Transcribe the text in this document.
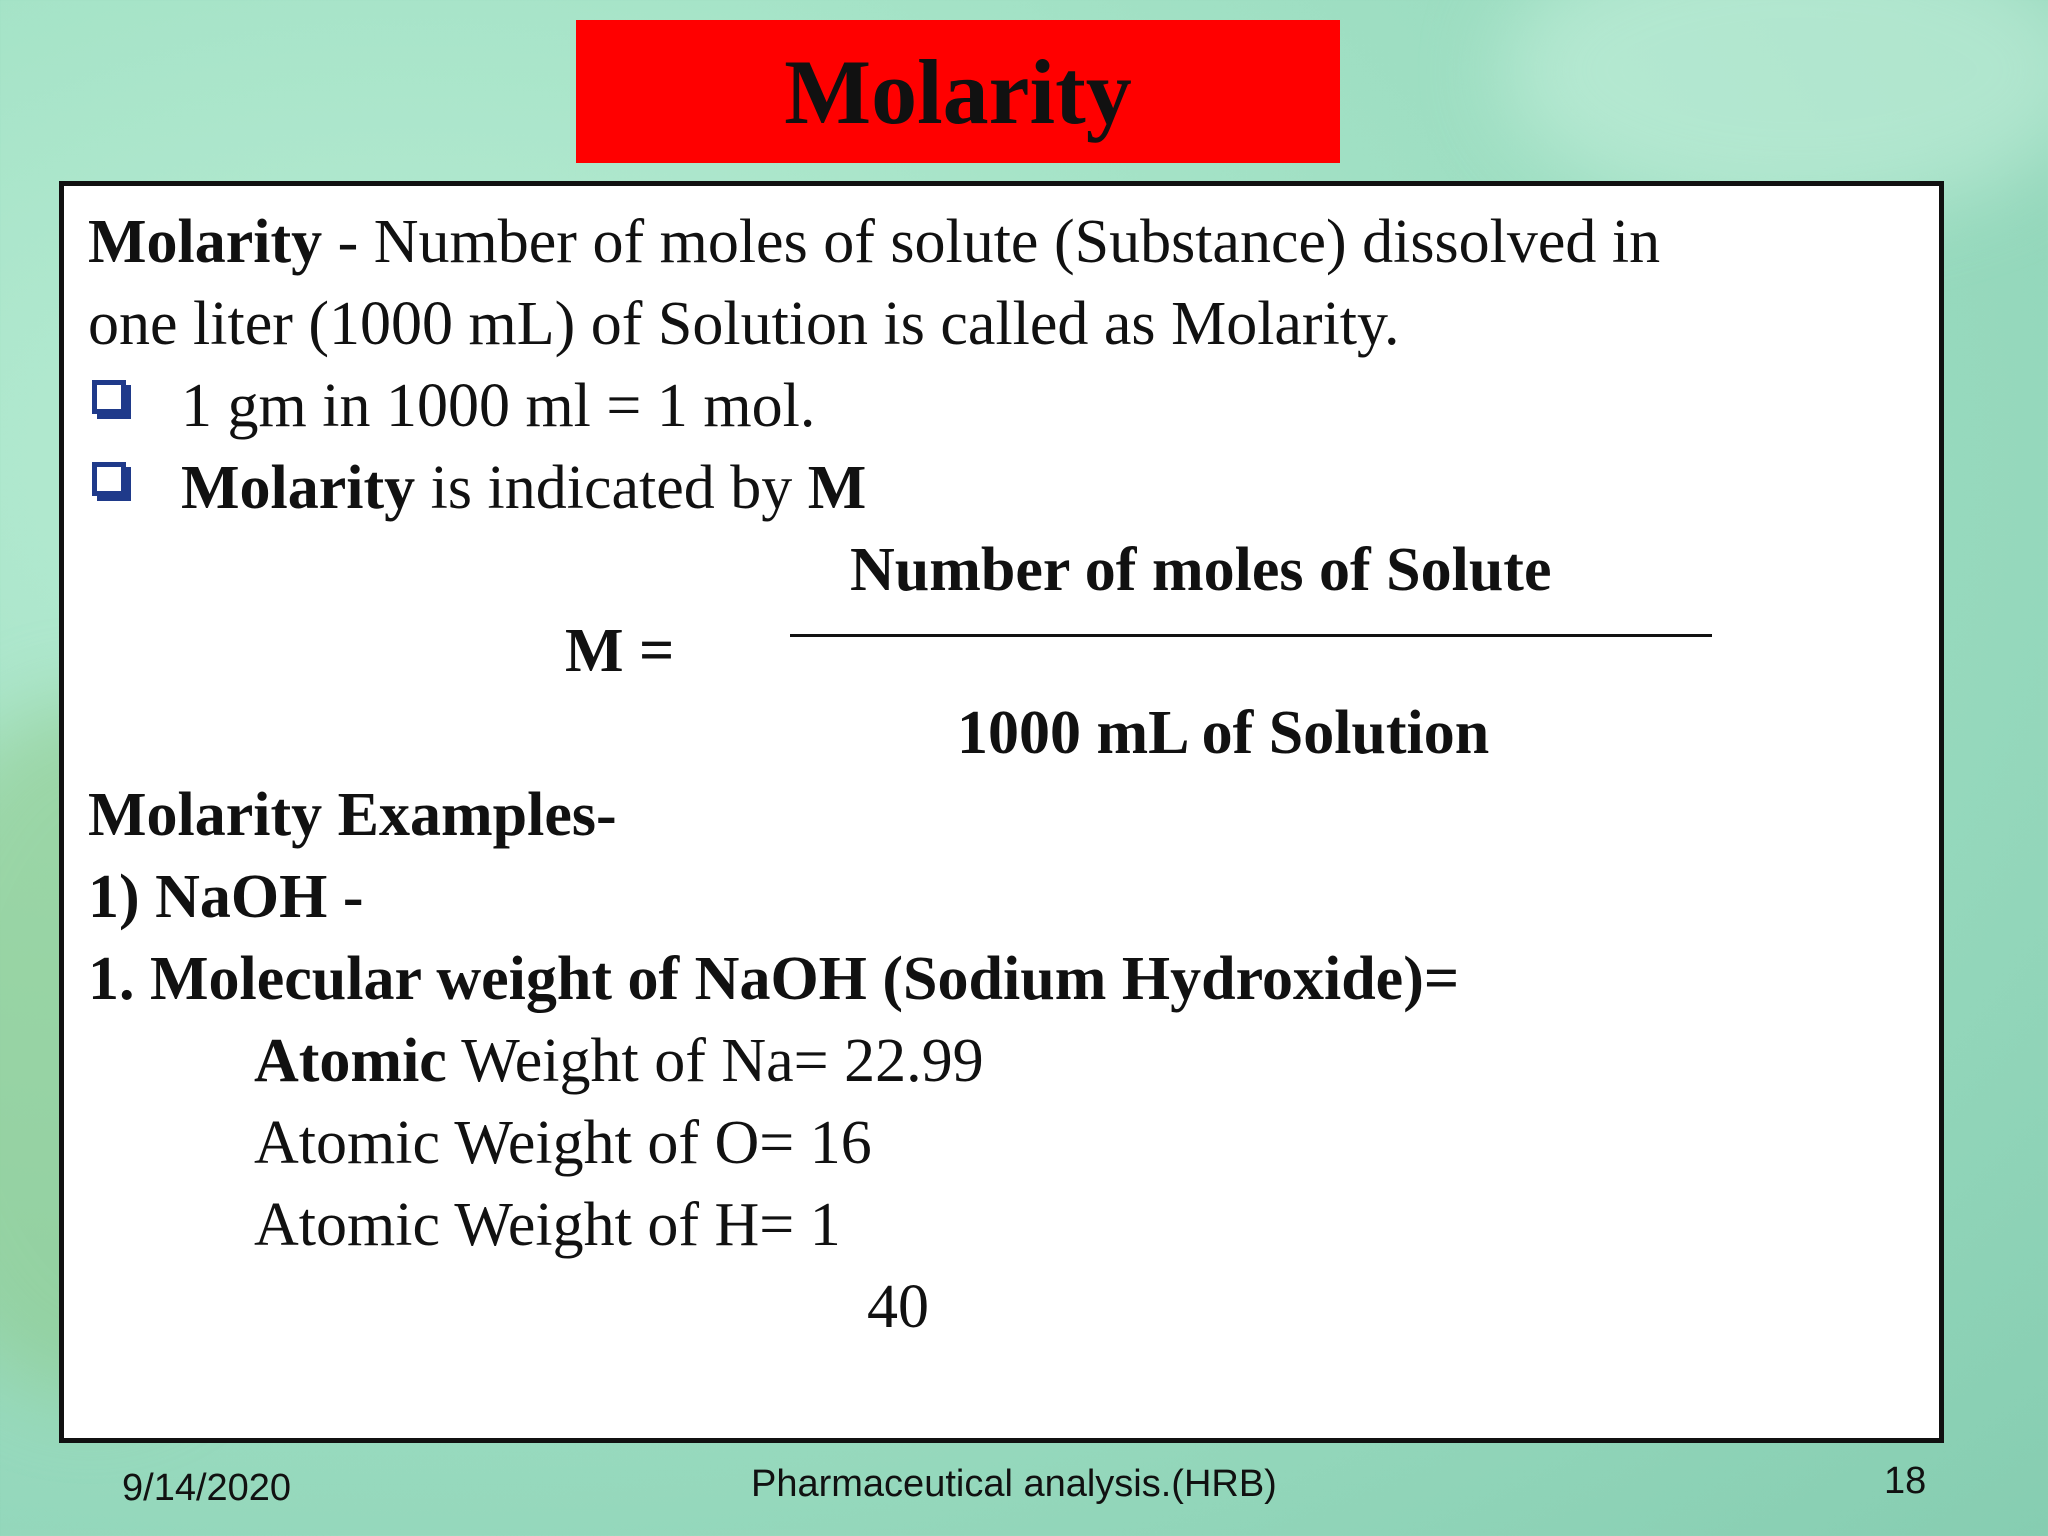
Molarity
Molarity - Number of moles of solute (Substance) dissolved in
one liter (1000 mL) of Solution is called as Molarity.
1 gm in 1000 ml = 1 mol.
Molarity is indicated by M
Number of moles of Solute
M =
1000 mL of Solution
Molarity Examples-
1) NaOH -
1. Molecular weight of NaOH (Sodium Hydroxide)=
Atomic Weight of Na= 22.99
Atomic Weight of O= 16
Atomic Weight of H= 1
40
9/14/2020	Pharmaceutical analysis.(HRB)	18
